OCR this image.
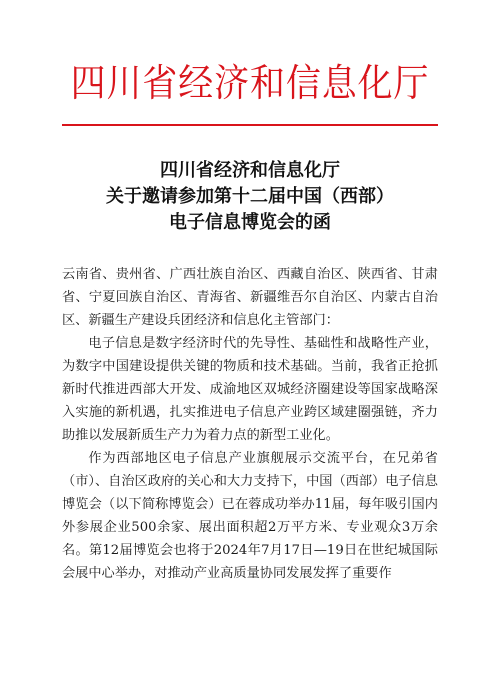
四川省经济和信息化厅
四川省经济和信息化厅
关于邀请参加第十二届中国（西部）
电子信息博览会的函

云南省、贵州省、广西壮族自治区、西藏自治区、陕西省、甘肃省、宁夏回族自治区、青海省、新疆维吾尔自治区、内蒙古自治区、新疆生产建设兵团经济和信息化主管部门：

电子信息是数字经济时代的先导性、基础性和战略性产业，为数字中国建设提供关键的物质和技术基础。当前，我省正抢抓新时代推进西部大开发、成渝地区双城经济圈建设等国家战略深入实施的新机遇，扎实推进电子信息产业跨区域建圈强链，齐力助推以发展新质生产力为着力点的新型工业化。

作为西部地区电子信息产业旗舰展示交流平台，在兄弟省（市）、自治区政府的关心和大力支持下，中国（西部）电子信息博览会（以下简称博览会）已在蓉成功举办11届，每年吸引国内外参展企业500余家、展出面积超2万平方米、专业观众3万余名。第12届博览会也将于2024年7月17日—19日在世纪城国际会展中心举办，对推动产业高质量协同发展发挥了重要作
